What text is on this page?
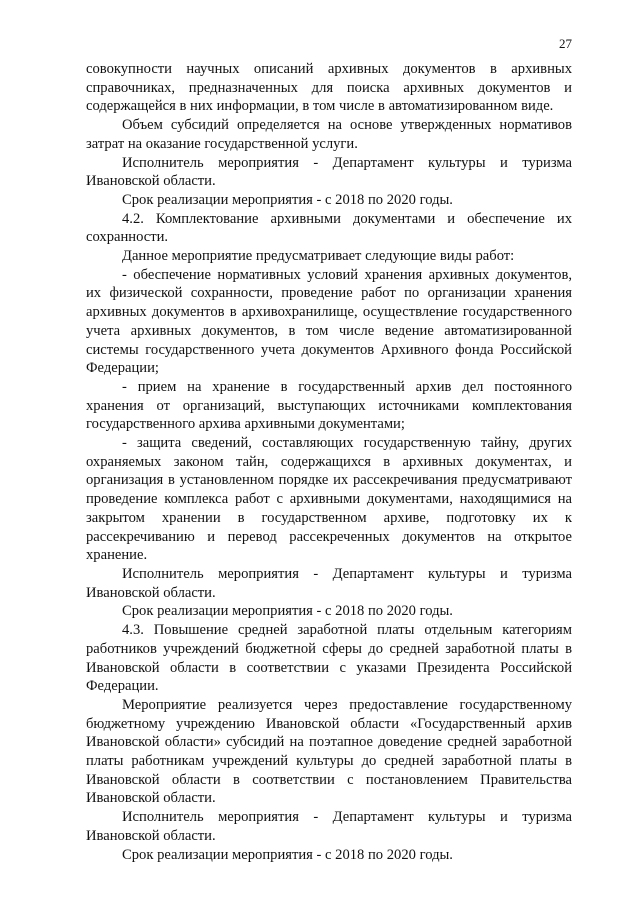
27

совокупности научных описаний архивных документов в архивных справочниках, предназначенных для поиска архивных документов и содержащейся в них информации, в том числе в автоматизированном виде.

Объем субсидий определяется на основе утвержденных нормативов затрат на оказание государственной услуги.

Исполнитель мероприятия - Департамент культуры и туризма Ивановской области.

Срок реализации мероприятия - с 2018 по 2020 годы.

4.2. Комплектование архивными документами и обеспечение их сохранности.

Данное мероприятие предусматривает следующие виды работ:

- обеспечение нормативных условий хранения архивных документов, их физической сохранности, проведение работ по организации хранения архивных документов в архивохранилище, осуществление государственного учета архивных документов, в том числе ведение автоматизированной системы государственного учета документов Архивного фонда Российской Федерации;

- прием на хранение в государственный архив дел постоянного хранения от организаций, выступающих источниками комплектования государственного архива архивными документами;

- защита сведений, составляющих государственную тайну, других охраняемых законом тайн, содержащихся в архивных документах, и организация в установленном порядке их рассекречивания предусматривают проведение комплекса работ с архивными документами, находящимися на закрытом хранении в государственном архиве, подготовку их к рассекречиванию и перевод рассекреченных документов на открытое хранение.

Исполнитель мероприятия - Департамент культуры и туризма Ивановской области.

Срок реализации мероприятия - с 2018 по 2020 годы.

4.3. Повышение средней заработной платы отдельным категориям работников учреждений бюджетной сферы до средней заработной платы в Ивановской области в соответствии с указами Президента Российской Федерации.

Мероприятие реализуется через предоставление государственному бюджетному учреждению Ивановской области «Государственный архив Ивановской области» субсидий на поэтапное доведение средней заработной платы работникам учреждений культуры до средней заработной платы в Ивановской области в соответствии с постановлением Правительства Ивановской области.

Исполнитель мероприятия - Департамент культуры и туризма Ивановской области.

Срок реализации мероприятия - с 2018 по 2020 годы.
